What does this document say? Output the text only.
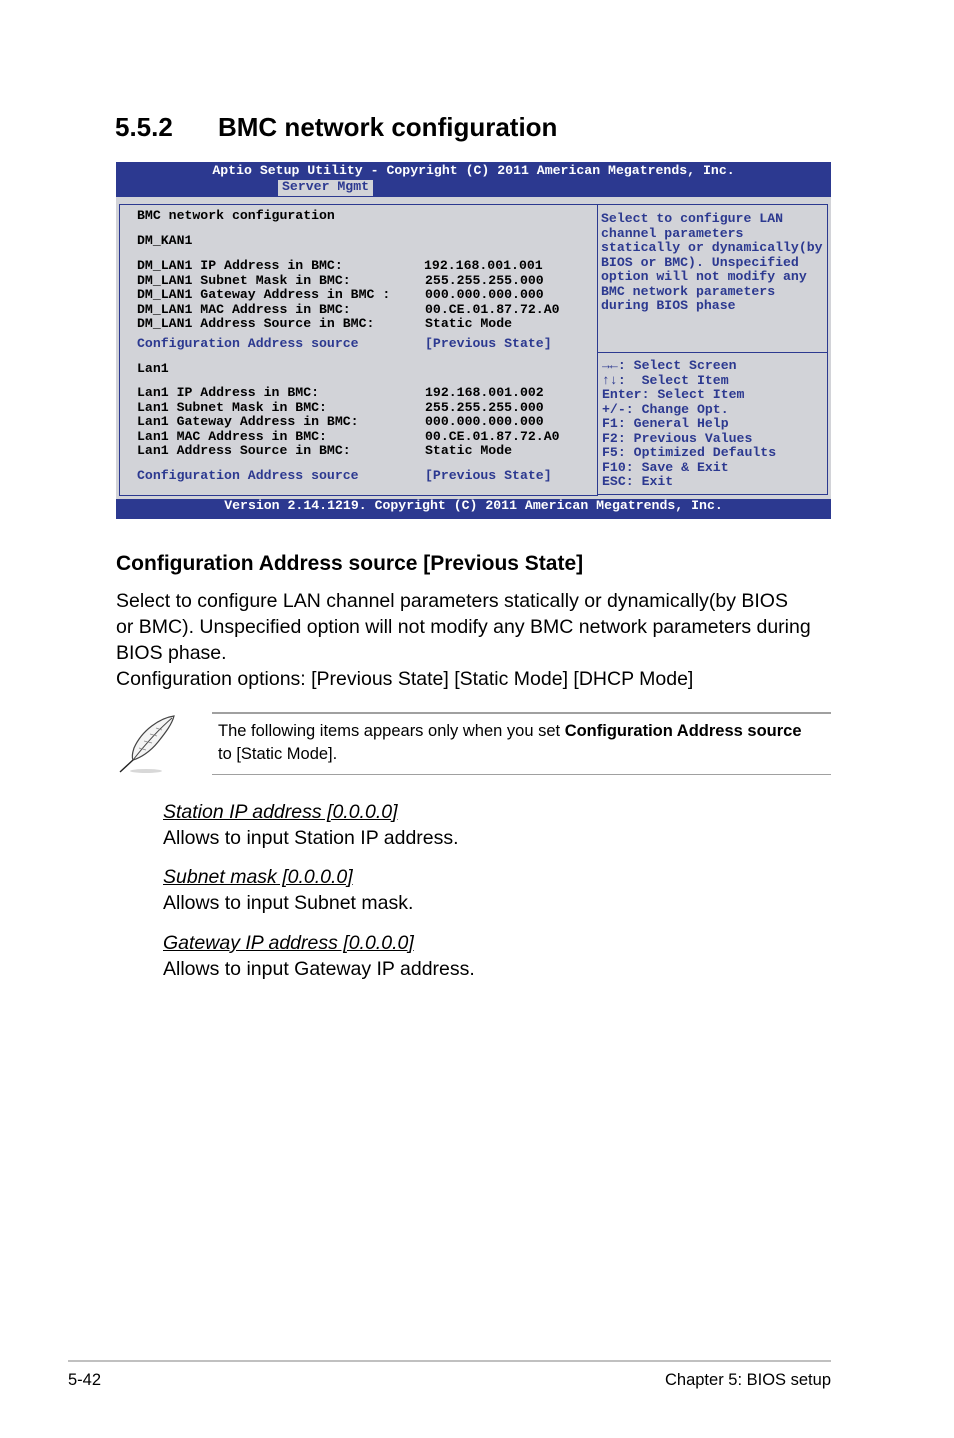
5.5.2 BMC network configuration
Aptio Setup Utility - Copyright (C) 2011 American Megatrends, Inc.
Server Mgmt
BMC network configuration
DM_KAN1
DM_LAN1 IP Address in BMC:	192.168.001.001
DM_LAN1 Subnet Mask in BMC:	255.255.255.000
DM_LAN1 Gateway Address in BMC :	000.000.000.000
DM_LAN1 MAC Address in BMC:	00.CE.01.87.72.A0
DM_LAN1 Address Source in BMC:	Static Mode
Configuration Address source	[Previous State]
Lan1
Lan1 IP Address in BMC:	192.168.001.002
Lan1 Subnet Mask in BMC:	255.255.255.000
Lan1 Gateway Address in BMC:	000.000.000.000
Lan1 MAC Address in BMC:	00.CE.01.87.72.A0
Lan1 Address Source in BMC:	Static Mode
Configuration Address source	[Previous State]
Select to configure LAN
channel parameters
statically or dynamically(by
BIOS or BMC). Unspecified
option will not modify any
BMC network parameters
during BIOS phase
→←: Select Screen
↑↓:  Select Item
Enter: Select Item
+/-: Change Opt.
F1: General Help
F2: Previous Values
F5: Optimized Defaults
F10: Save & Exit
ESC: Exit
Version 2.14.1219. Copyright (C) 2011 American Megatrends, Inc.
Configuration Address source [Previous State]
Select to configure LAN channel parameters statically or dynamically(by BIOS
or BMC). Unspecified option will not modify any BMC network parameters during
BIOS phase.
Configuration options: [Previous State] [Static Mode] [DHCP Mode]
The following items appears only when you set Configuration Address source
to [Static Mode].
Station IP address [0.0.0.0]
Allows to input Station IP address.
Subnet mask [0.0.0.0]
Allows to input Subnet mask.
Gateway IP address [0.0.0.0]
Allows to input Gateway IP address.
5-42	Chapter 5: BIOS setup
